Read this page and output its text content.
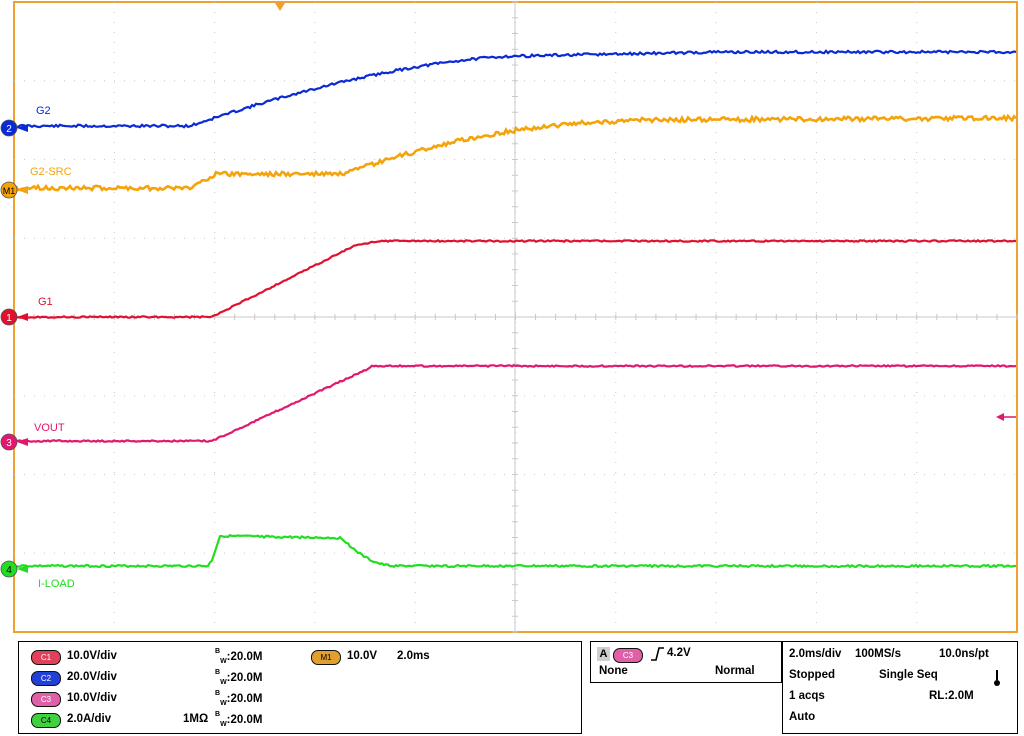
2
M1
1
3
4
G2
G2-SRC
G1
VOUT
I-LOAD
C1	10.0V/div	$^B_W$:20.0M
C2	20.0V/div	$^B_W$:20.0M
C3	10.0V/div	$^B_W$:20.0M
C4	2.0A/div	1MΩ $^B_W$:20.0M
M1	10.0V 2.0ms	A	C3	4.2V
None	Normal
2.0ms/div 100MS/s	10.0ns/pt
Stopped	Single Seq
1 acqs	RL:2.0M
Auto
